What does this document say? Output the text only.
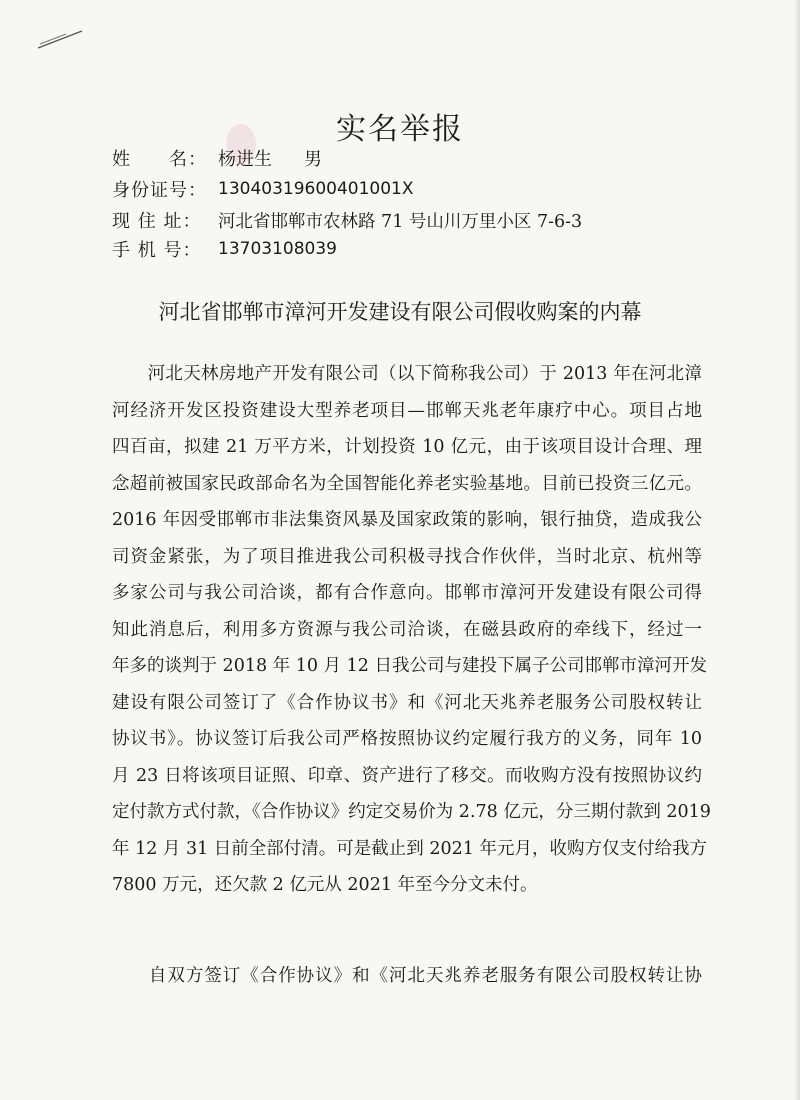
实名举报
姓　　名： 杨进生 男
身份证号： 13040319600401001X
现 住 址： 河北省邯郸市农林路 71 号山川万里小区 7-6-3
手 机 号： 13703108039
河北省邯郸市漳河开发建设有限公司假收购案的内幕
　　河北天林房地产开发有限公司（以下简称我公司）于 2013 年在河北漳
河经济开发区投资建设大型养老项目—邯郸天兆老年康疗中心。项目占地
四百亩，拟建 21 万平方米，计划投资 10 亿元，由于该项目设计合理、理
念超前被国家民政部命名为全国智能化养老实验基地。目前已投资三亿元。
2016 年因受邯郸市非法集资风暴及国家政策的影响，银行抽贷，造成我公
司资金紧张，为了项目推进我公司积极寻找合作伙伴，当时北京、杭州等
多家公司与我公司洽谈，都有合作意向。邯郸市漳河开发建设有限公司得
知此消息后，利用多方资源与我公司洽谈，在磁县政府的牵线下，经过一
年多的谈判于 2018 年 10 月 12 日我公司与建投下属子公司邯郸市漳河开发
建设有限公司签订了《合作协议书》和《河北天兆养老服务公司股权转让
协议书》。协议签订后我公司严格按照协议约定履行我方的义务，同年 10
月 23 日将该项目证照、印章、资产进行了移交。而收购方没有按照协议约
定付款方式付款，《合作协议》约定交易价为 2.78 亿元，分三期付款到 2019
年 12 月 31 日前全部付清。可是截止到 2021 年元月，收购方仅支付给我方
7800 万元，还欠款 2 亿元从 2021 年至今分文未付。
　　自双方签订《合作协议》和《河北天兆养老服务有限公司股权转让协
